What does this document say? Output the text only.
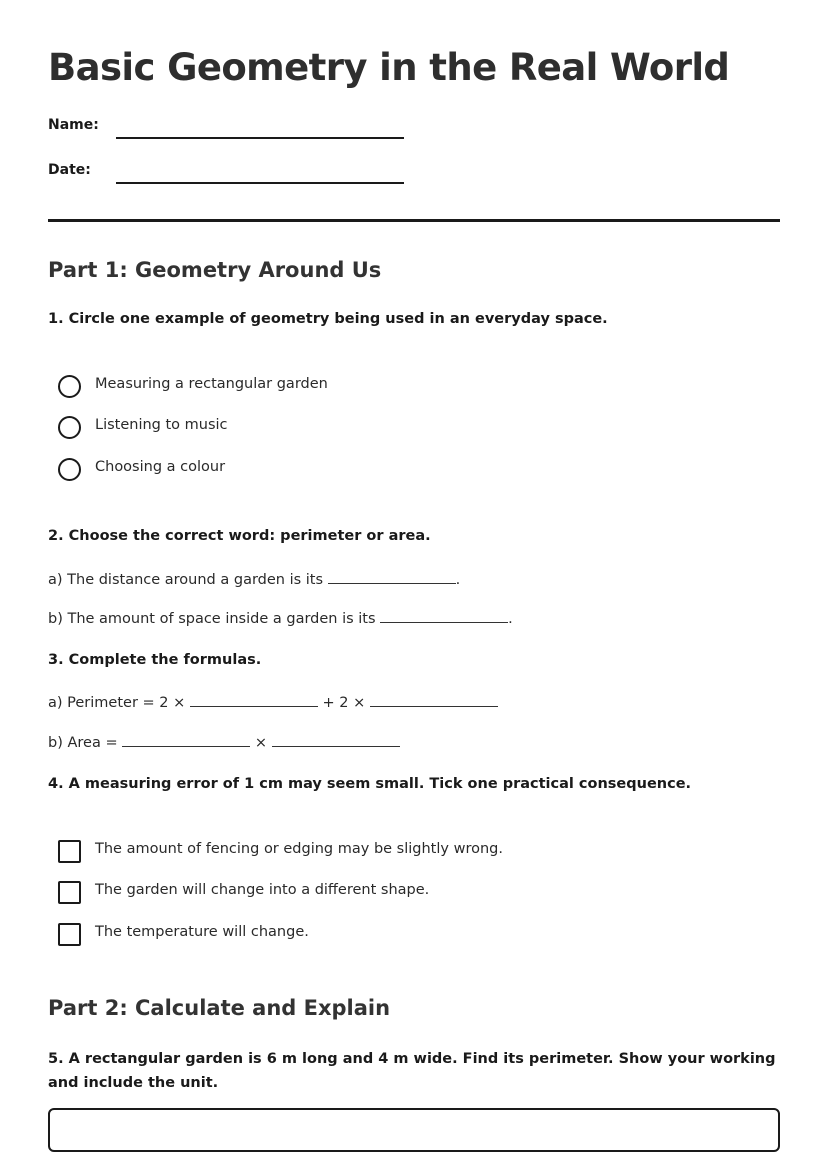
Basic Geometry in the Real World
Name:
Date:
Part 1: Geometry Around Us

1. Circle one example of geometry being used in an everyday space.

Measuring a rectangular garden
Listening to music
Choosing a colour

2. Choose the correct word: perimeter or area.

a) The distance around a garden is its	.
b) The amount of space inside a garden is its	.

3. Complete the formulas.

a) Perimeter = 2 ×	+ 2 ×
b) Area =	×

4. A measuring error of 1 cm may seem small. Tick one practical consequence.

The amount of fencing or edging may be slightly wrong.
The garden will change into a different shape.
The temperature will change.
Part 2: Calculate and Explain

5. A rectangular garden is 6 m long and 4 m wide. Find its perimeter. Show your working and include the unit.
